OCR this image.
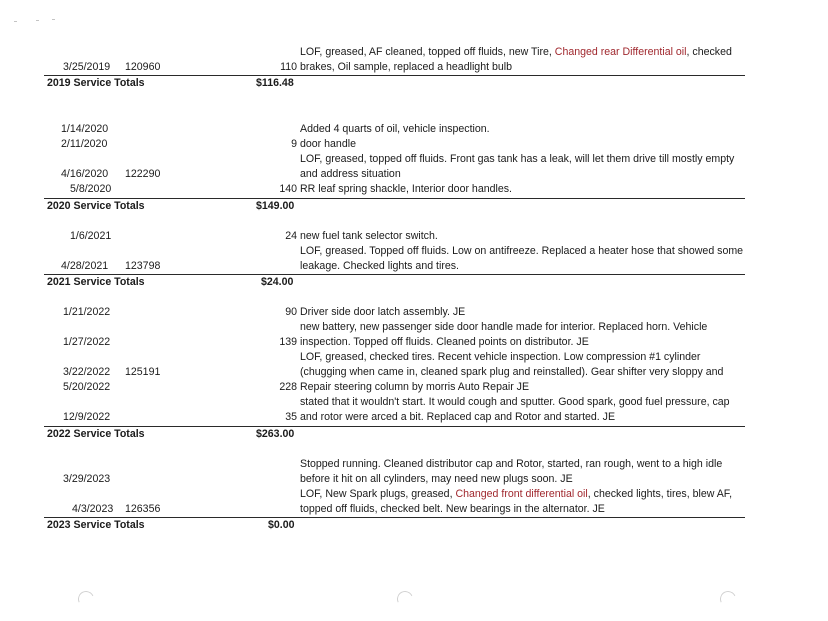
LOF, greased, AF cleaned, topped off fluids, new Tire, Changed rear Differential oil, checked
3/25/2019 120960	110 brakes, Oil sample, replaced a headlight bulb
2019 Service Totals	$116.48
1/14/2020	Added 4 quarts of oil, vehicle inspection.
2/11/2020	9 door handle
LOF, greased, topped off fluids. Front gas tank has a leak, will let them drive till mostly empty
4/16/2020 122290	and address situation
5/8/2020	140 RR leaf spring shackle, Interior door handles.
2020 Service Totals	$149.00
1/6/2021	24 new fuel tank selector switch.
LOF, greased. Topped off fluids. Low on antifreeze. Replaced a heater hose that showed some
4/28/2021 123798	leakage. Checked lights and tires.
2021 Service Totals	$24.00
1/21/2022	90 Driver side door latch assembly. JE
new battery, new passenger side door handle made for interior. Replaced horn. Vehicle
1/27/2022	139 inspection. Topped off fluids. Cleaned points on distributor. JE
LOF, greased, checked tires. Recent vehicle inspection. Low compression #1 cylinder
3/22/2022 125191	(chugging when came in, cleaned spark plug and reinstalled). Gear shifter very sloppy and
5/20/2022	228 Repair steering column by morris Auto Repair JE
stated that it wouldn't start. It would cough and sputter. Good spark, good fuel pressure, cap
12/9/2022	35 and rotor were arced a bit. Replaced cap and Rotor and started. JE
2022 Service Totals	$263.00
Stopped running. Cleaned distributor cap and Rotor, started, ran rough, went to a high idle
3/29/2023	before it hit on all cylinders, may need new plugs soon. JE
LOF, New Spark plugs, greased, Changed front differential oil, checked lights, tires, blew AF,
4/3/2023 126356	topped off fluids, checked belt. New bearings in the alternator. JE
2023 Service Totals	$0.00
